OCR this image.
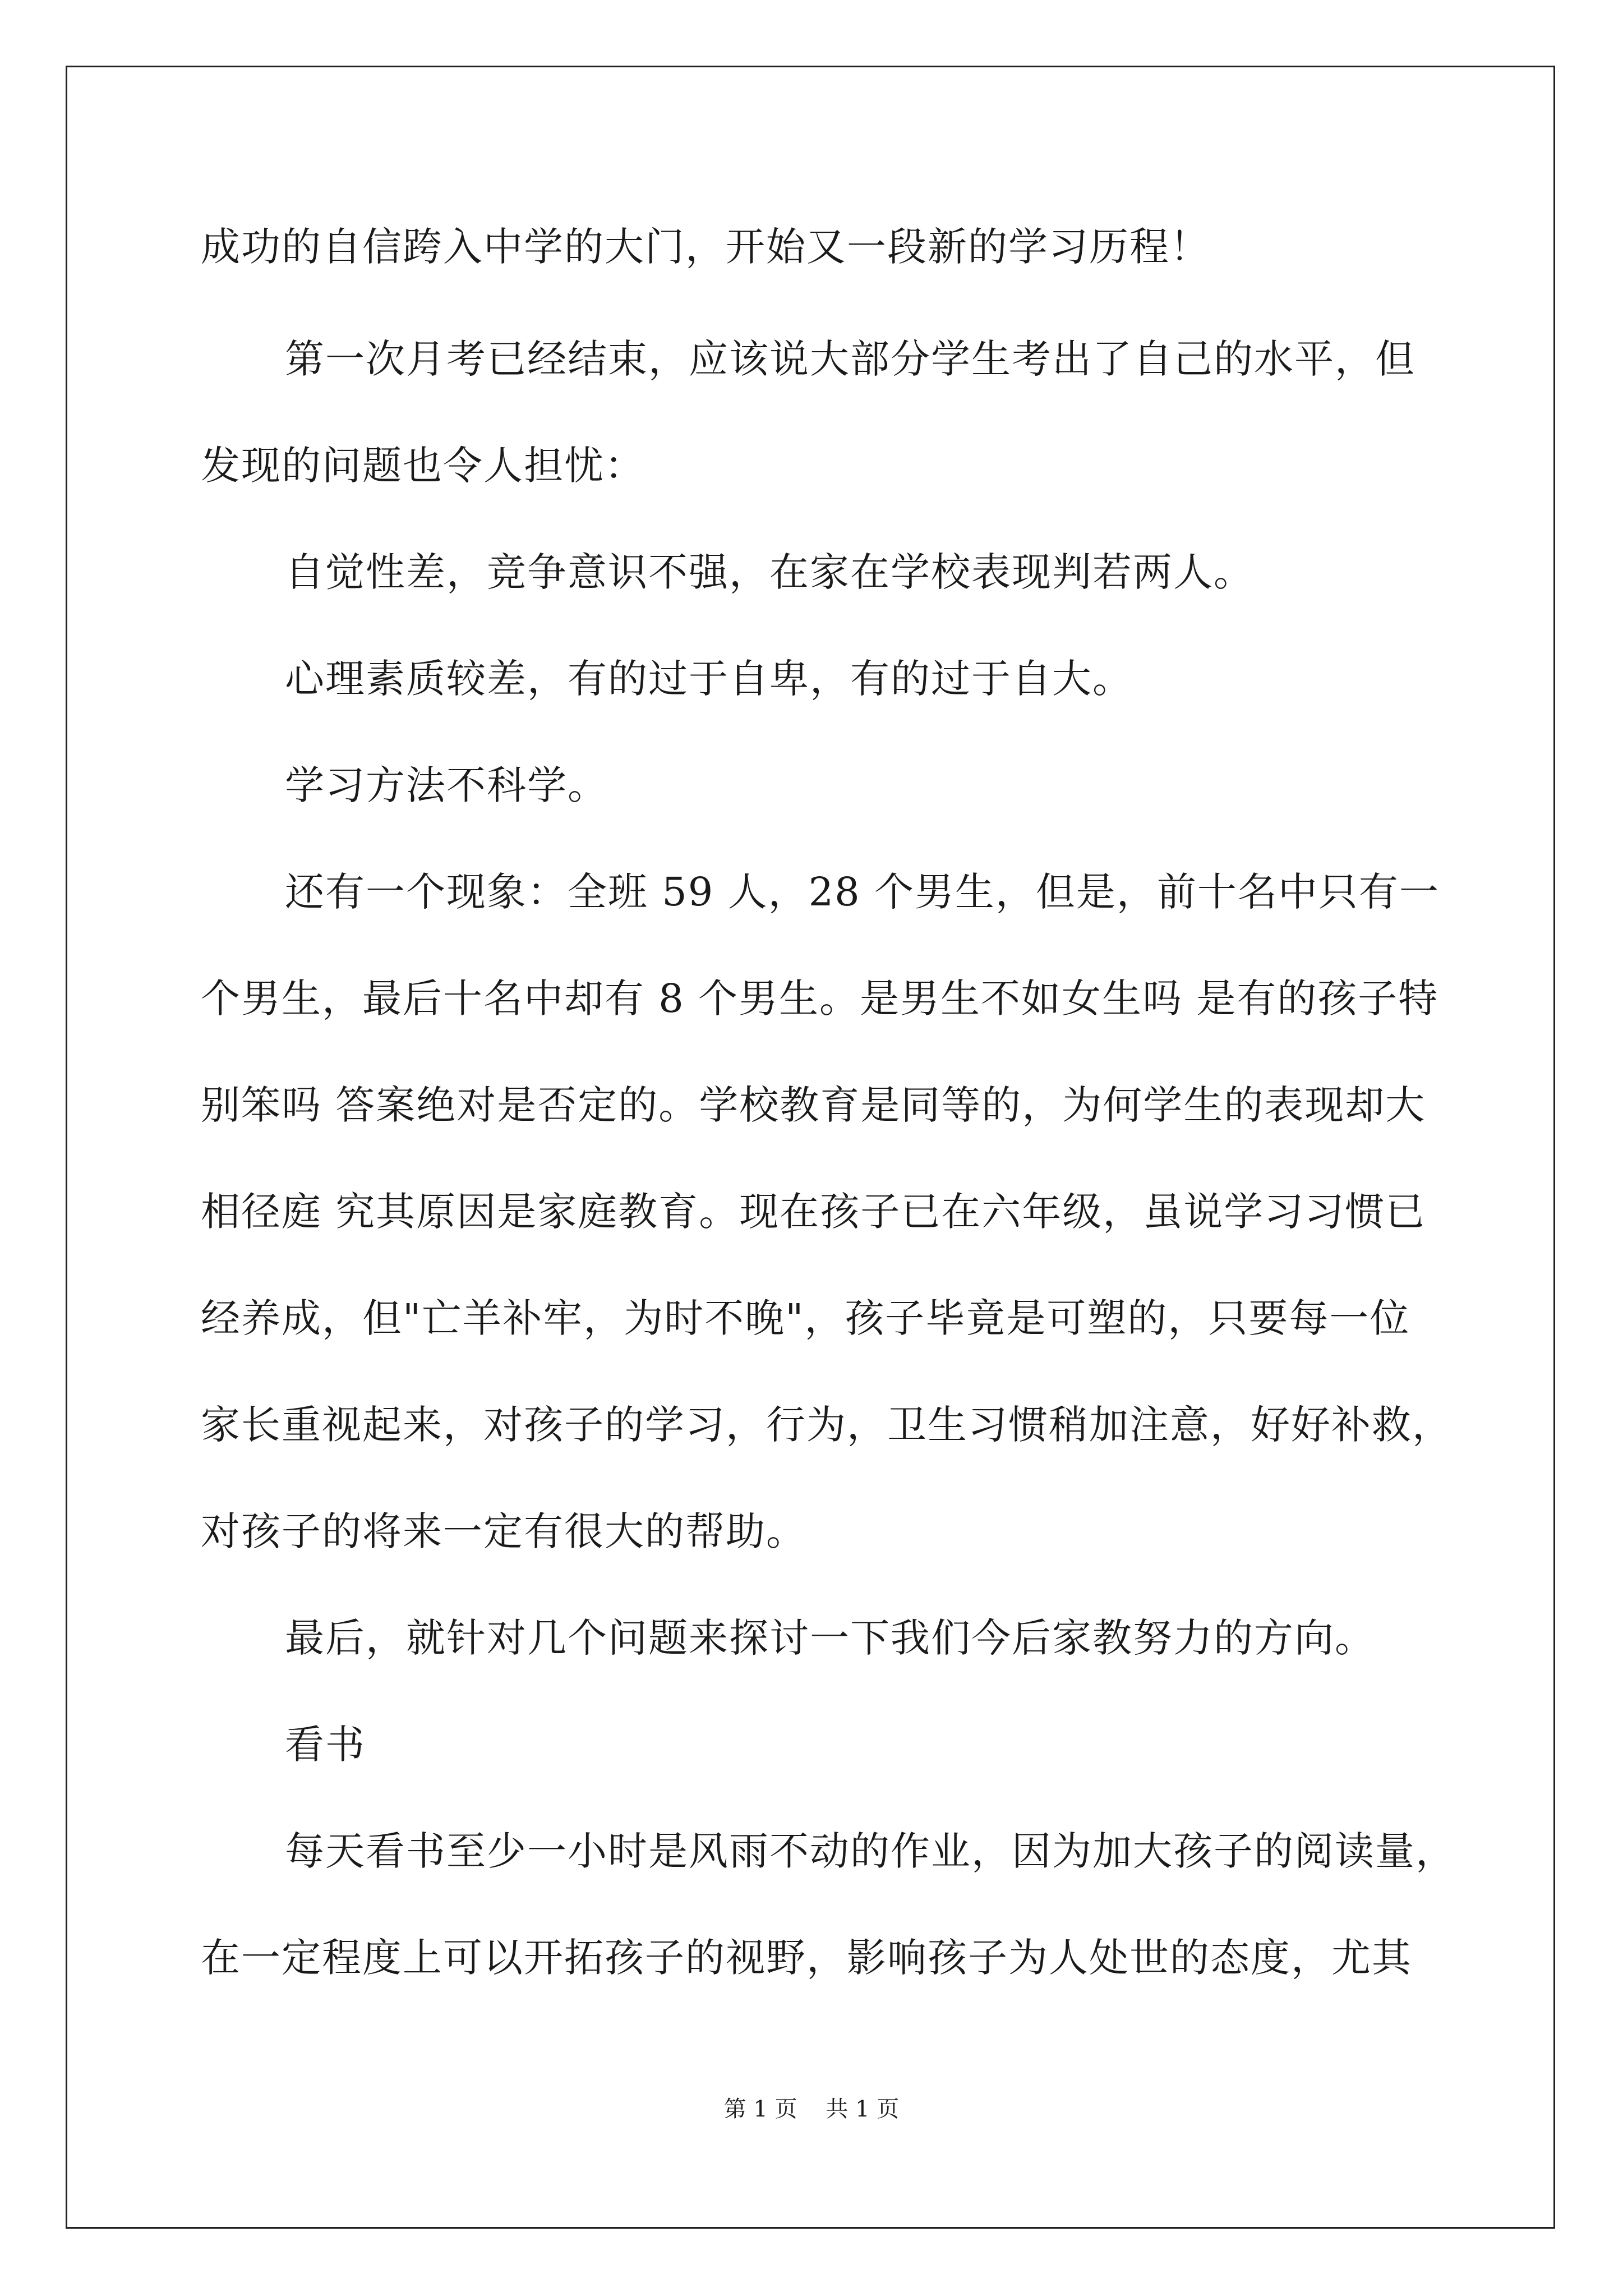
成功的自信跨入中学的大门，开始又一段新的学习历程！
第一次月考已经结束，应该说大部分学生考出了自己的水平，但
发现的问题也令人担忧：
自觉性差，竞争意识不强，在家在学校表现判若两人。
心理素质较差，有的过于自卑，有的过于自大。
学习方法不科学。
还有一个现象：全班 59 人，28 个男生，但是，前十名中只有一
个男生，最后十名中却有 8 个男生。是男生不如女生吗 是有的孩子特
别笨吗 答案绝对是否定的。学校教育是同等的，为何学生的表现却大
相径庭 究其原因是家庭教育。现在孩子已在六年级，虽说学习习惯已
经养成，但"亡羊补牢，为时不晚"，孩子毕竟是可塑的，只要每一位
家长重视起来，对孩子的学习，行为，卫生习惯稍加注意，好好补救，
对孩子的将来一定有很大的帮助。
最后，就针对几个问题来探讨一下我们今后家教努力的方向。
看书
每天看书至少一小时是风雨不动的作业，因为加大孩子的阅读量，
在一定程度上可以开拓孩子的视野，影响孩子为人处世的态度，尤其
第 1 页    共 1 页
